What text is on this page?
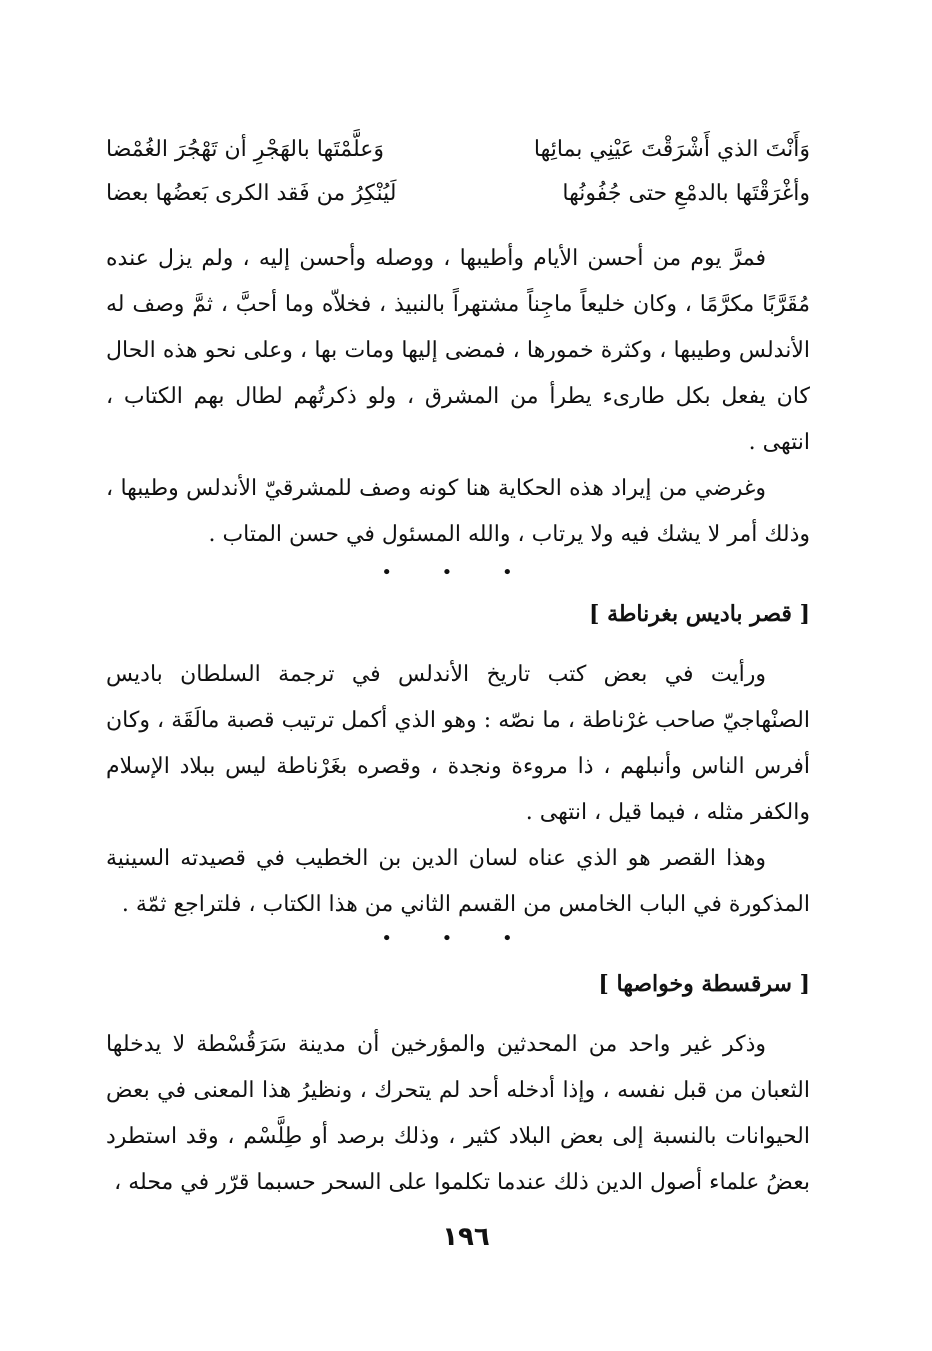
وَأَنْتَ الذي أَشْرَقْتَ عَيْنِي بمائِها
وَعلَّمْتَها بالهَجْرِ أن تَهْجُرَ الغُمْضا
وأغْرَقْتَها بالدمْعِ حتى جُفُونُها
لَيُنْكِرُ من فَقد الكرى بَعضُها بعضا

فمرَّ يوم من أحسن الأيام وأطيبها ، ووصله وأحسن إليه ، ولم يزل عنده مُقَرَّبًا مكرَّمًا ، وكان خليعاً ماجِناً مشتهراً بالنبيذ ، فخلاّه وما أحبَّ ، ثمَّ وصف له الأندلس وطيبها ، وكثرة خمورها ، فمضى إليها ومات بها ، وعلى نحو هذه الحال كان يفعل بكل طارىء يطرأ من المشرق ، ولو ذكرتُهم لطال بهم الكتاب ، انتهى .

وغرضي من إيراد هذه الحكاية هنا كونه وصف للمشرقيّ الأندلس وطيبها ، وذلك أمر لا يشك فيه ولا يرتاب ، والله المسئول في حسن المتاب .

• • •
[ قصر باديس بغرناطة ]

ورأيت في بعض كتب تاريخ الأندلس في ترجمة السلطان باديس الصنْهاجيّ صاحب غرْناطة ، ما نصّه : وهو الذي أكمل ترتيب قصبة مالَقَة ، وكان أفرس الناس وأنبلهم ، ذا مروءة ونجدة ، وقصره بغَرْناطة ليس ببلاد الإسلام والكفر مثله ، فيما قيل ، انتهى .

وهذا القصر هو الذي عناه لسان الدين بن الخطيب في قصيدته السينية المذكورة في الباب الخامس من القسم الثاني من هذا الكتاب ، فلتراجع ثمّة .

• • •
[ سرقسطة وخواصها ]

وذكر غير واحد من المحدثين والمؤرخين أن مدينة سَرَقُسْطة لا يدخلها الثعبان من قبل نفسه ، وإذا أدخله أحد لم يتحرك ، ونظيرُ هذا المعنى في بعض الحيوانات بالنسبة إلى بعض البلاد كثير ، وذلك برصد أو طِلَّسْم ، وقد استطرد بعضُ علماء أصول الدين ذلك عندما تكلموا على السحر حسبما قرّر في محله ،

١٩٦
